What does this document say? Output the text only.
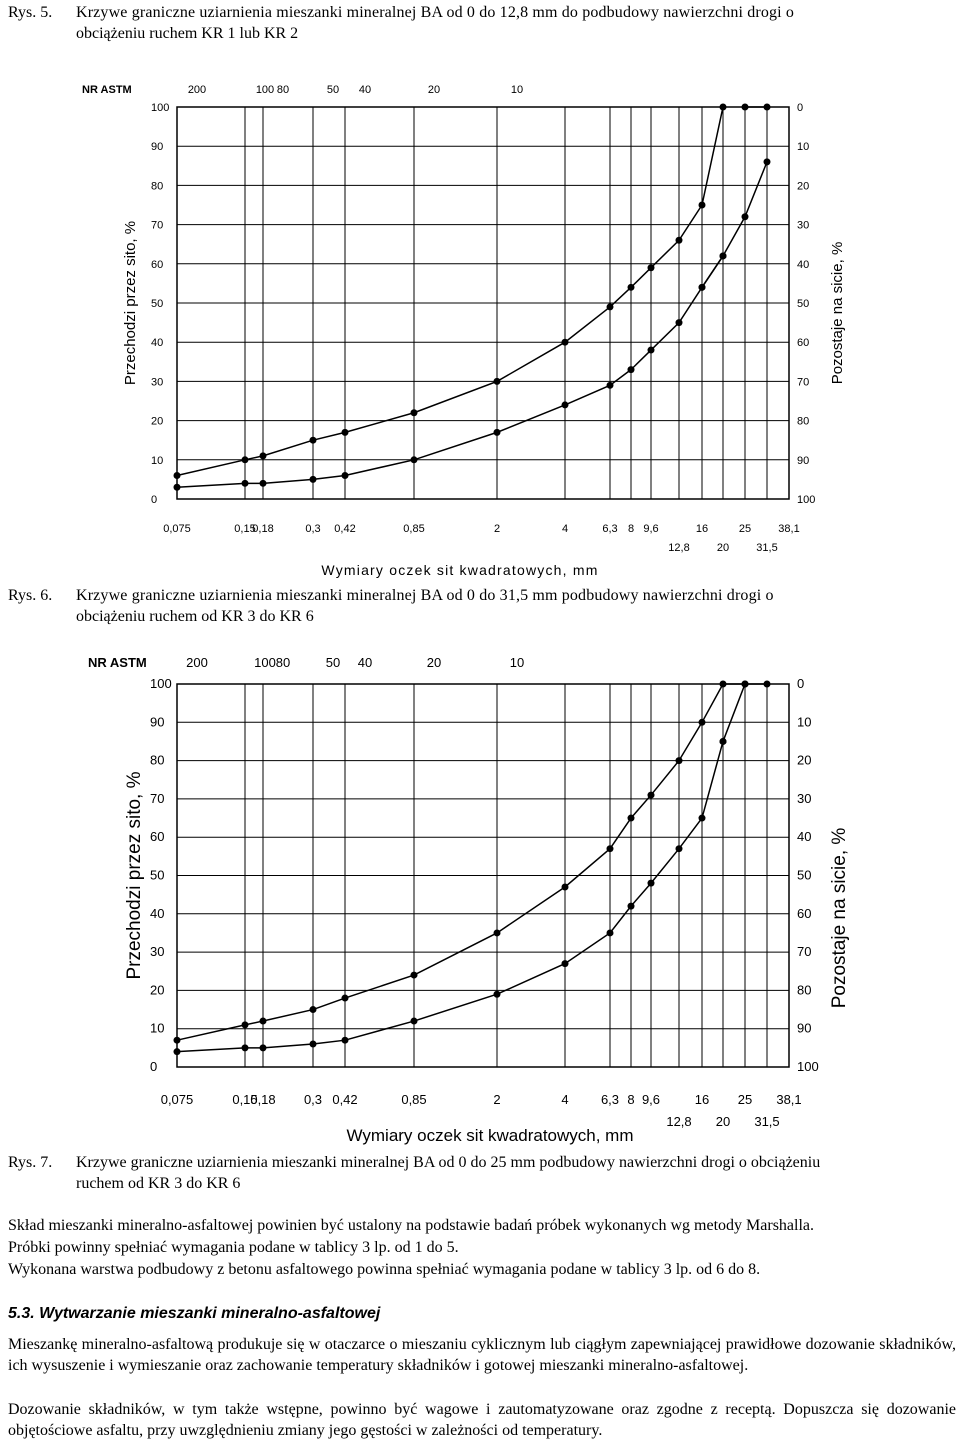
Rys. 5. Krzywe graniczne uziarnienia mieszanki mineralnej BA od 0 do 12,8 mm do podbudowy nawierzchni drogi o
obciążeniu ruchem KR 1 lub KR 2
0
10
20
30
40
50
60
70
80
90
100
100
90
80
70
60
50
40
30
20
10
0
NR ASTM	200	100 80	50 40	20	10
0,075	0,15
0,18	0,3 0,42	0,85	2	4	6,3 8 9,6	16	25 38,1
12,8 20 31,5
Wymiary oczek sit kwadratowych, mm
Przechodzi przez sito, %	Pozostaje na sicie, %
Rys. 6. Krzywe graniczne uziarnienia mieszanki mineralnej BA od 0 do 31,5 mm podbudowy nawierzchni drogi o
obciążeniu ruchem od KR 3 do KR 6
0
10
20
30
40
50
60
70
80
90
100
100
90
80
70
60
50
40
30
20
10
0
NR ASTM	200	100 80	50 40	20	10
0,075	0,15
0,18 0,3 0,42	0,85	2	4 6,3 8 9,6	16 25 38,1
12,8 20 31,5
Wymiary oczek sit kwadratowych, mm
Przechodzi przez sito, %	Pozostaje na sicie, %
Rys. 7. Krzywe graniczne uziarnienia mieszanki mineralnej BA od 0 do 25 mm podbudowy nawierzchni drogi o obciążeniu
ruchem od KR 3 do KR 6
Skład mieszanki mineralno-asfaltowej powinien być ustalony na podstawie badań próbek wykonanych wg metody Marshalla.
Próbki powinny spełniać wymagania podane w tablicy 3 lp. od 1 do 5.
Wykonana warstwa podbudowy z betonu asfaltowego powinna spełniać wymagania podane w tablicy 3 lp. od 6 do 8.
5.3. Wytwarzanie mieszanki mineralno-asfaltowej
Mieszankę mineralno-asfaltową produkuje się w otaczarce o mieszaniu cyklicznym lub ciągłym zapewniającej prawidłowe dozowanie składników, ich wysuszenie i wymieszanie oraz zachowanie temperatury składników i gotowej mieszanki mineralno-asfaltowej.
Dozowanie składników, w tym także wstępne, powinno być wagowe i zautomatyzowane oraz zgodne z receptą. Dopuszcza się dozowanie objętościowe asfaltu, przy uwzględnieniu zmiany jego gęstości w zależności od temperatury.
